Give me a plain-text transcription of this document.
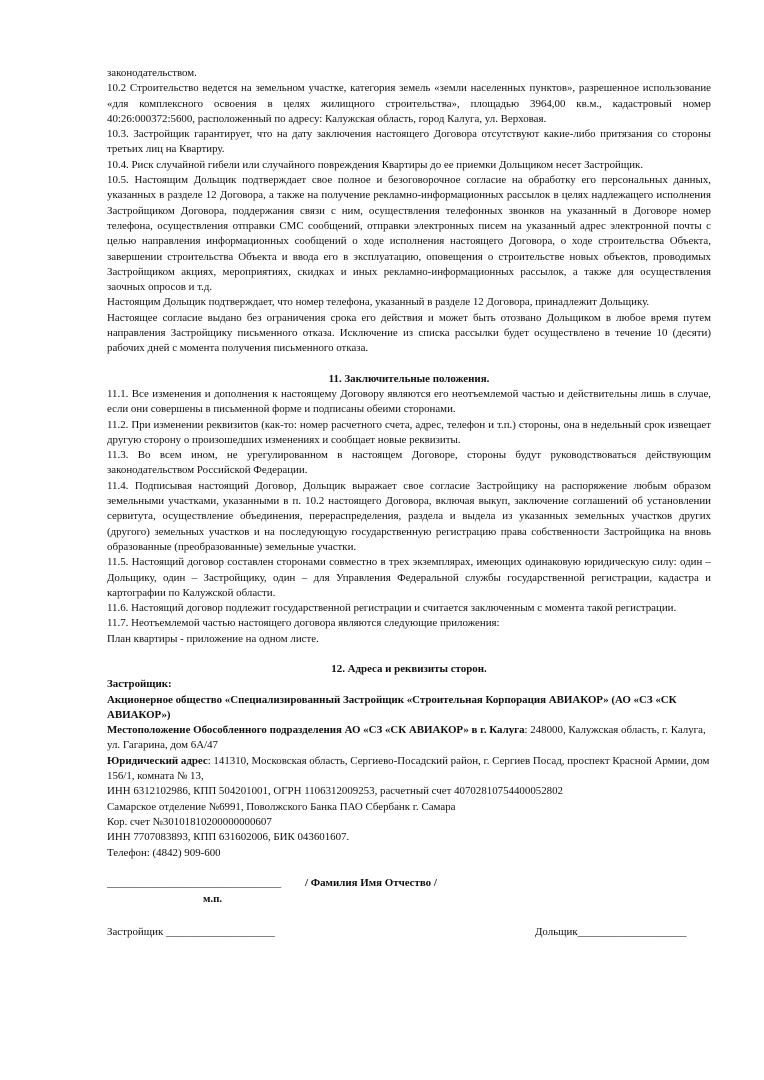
законодательством.

10.2 Строительство ведется на земельном участке, категория земель «земли населенных пунктов», разрешенное использование «для комплексного освоения в целях жилищного строительства», площадью 3964,00 кв.м., кадастровый номер 40:26:000372:5600, расположенный по адресу: Калужская область, город Калуга, ул. Верховая.

10.3. Застройщик гарантирует, что на дату заключения настоящего Договора отсутствуют какие-либо притязания со стороны третьих лиц на Квартиру.

10.4. Риск случайной гибели или случайного повреждения Квартиры до ее приемки Дольщиком несет Застройщик.

10.5. Настоящим Дольщик подтверждает свое полное и безоговорочное согласие на обработку его персональных данных, указанных в разделе 12 Договора, а также на получение рекламно-информационных рассылок в целях надлежащего исполнения Застройщиком Договора, поддержания связи с ним, осуществления телефонных звонков на указанный в Договоре номер телефона, осуществления отправки СМС сообщений, отправки электронных писем на указанный адрес электронной почты с целью направления информационных сообщений о ходе исполнения настоящего Договора, о ходе строительства Объекта, завершении строительства Объекта и ввода его в эксплуатацию, оповещения о строительстве новых объектов, проводимых Застройщиком акциях, мероприятиях, скидках и иных рекламно-информационных рассылок, а также для осуществления заочных опросов и т.д.

Настоящим Дольщик подтверждает, что номер телефона, указанный в разделе 12 Договора, принадлежит Дольщику.

Настоящее согласие выдано без ограничения срока его действия и может быть отозвано Дольщиком в любое время путем направления Застройщику письменного отказа. Исключение из списка рассылки будет осуществлено в течение 10 (десяти) рабочих дней с момента получения письменного отказа.

11. Заключительные положения.

11.1. Все изменения и дополнения к настоящему Договору являются его неотъемлемой частью и действительны лишь в случае, если они совершены в письменной форме и подписаны обеими сторонами.

11.2. При изменении реквизитов (как-то: номер расчетного счета, адрес, телефон и т.п.) стороны, она в недельный срок извещает другую сторону о произошедших изменениях и сообщает новые реквизиты.

11.3. Во всем ином, не урегулированном в настоящем Договоре, стороны будут руководствоваться действующим законодательством Российской Федерации.

11.4. Подписывая настоящий Договор, Дольщик выражает свое согласие Застройщику на распоряжение любым образом земельными участками, указанными в п. 10.2 настоящего Договора, включая выкуп, заключение соглашений об установлении сервитута, осуществление объединения, перераспределения, раздела и выдела из указанных земельных участков других (другого) земельных участков и на последующую государственную регистрацию права собственности Застройщика на вновь образованные (преобразованные) земельные участки.

11.5. Настоящий договор составлен сторонами совместно в трех экземплярах, имеющих одинаковую юридическую силу: один – Дольщику, один – Застройщику, один – для Управления Федеральной службы государственной регистрации, кадастра и картографии по Калужской области.

11.6. Настоящий договор подлежит государственной регистрации и считается заключенным с момента такой регистрации.

11.7. Неотъемлемой частью настоящего договора являются следующие приложения:

План квартиры - приложение на одном листе.

12. Адреса и реквизиты сторон.

Застройщик:

Акционерное общество «Специализированный Застройщик «Строительная Корпорация АВИАКОР» (АО «СЗ «СК АВИАКОР»)

Местоположение Обособленного подразделения АО «СЗ «СК АВИАКОР» в г. Калуга: 248000, Калужская область, г. Калуга, ул. Гагарина, дом 6А/47

Юридический адрес: 141310, Московская область, Сергиево-Посадский район, г. Сергиев Посад, проспект Красной Армии, дом 156/1, комната № 13,

ИНН 6312102986, КПП 504201001, ОГРН 1106312009253, расчетный счет 40702810754400052802

Самарское отделение №6991, Поволжского Банка ПАО Сбербанк г. Самара

Кор. счет №30101810200000000607

ИНН 7707083893, КПП 631602006, БИК 043601607.

Телефон: (4842) 909-600

________________________________ / Фамилия Имя Отчество /
м.п.
Застройщик ____________________	Дольщик____________________
